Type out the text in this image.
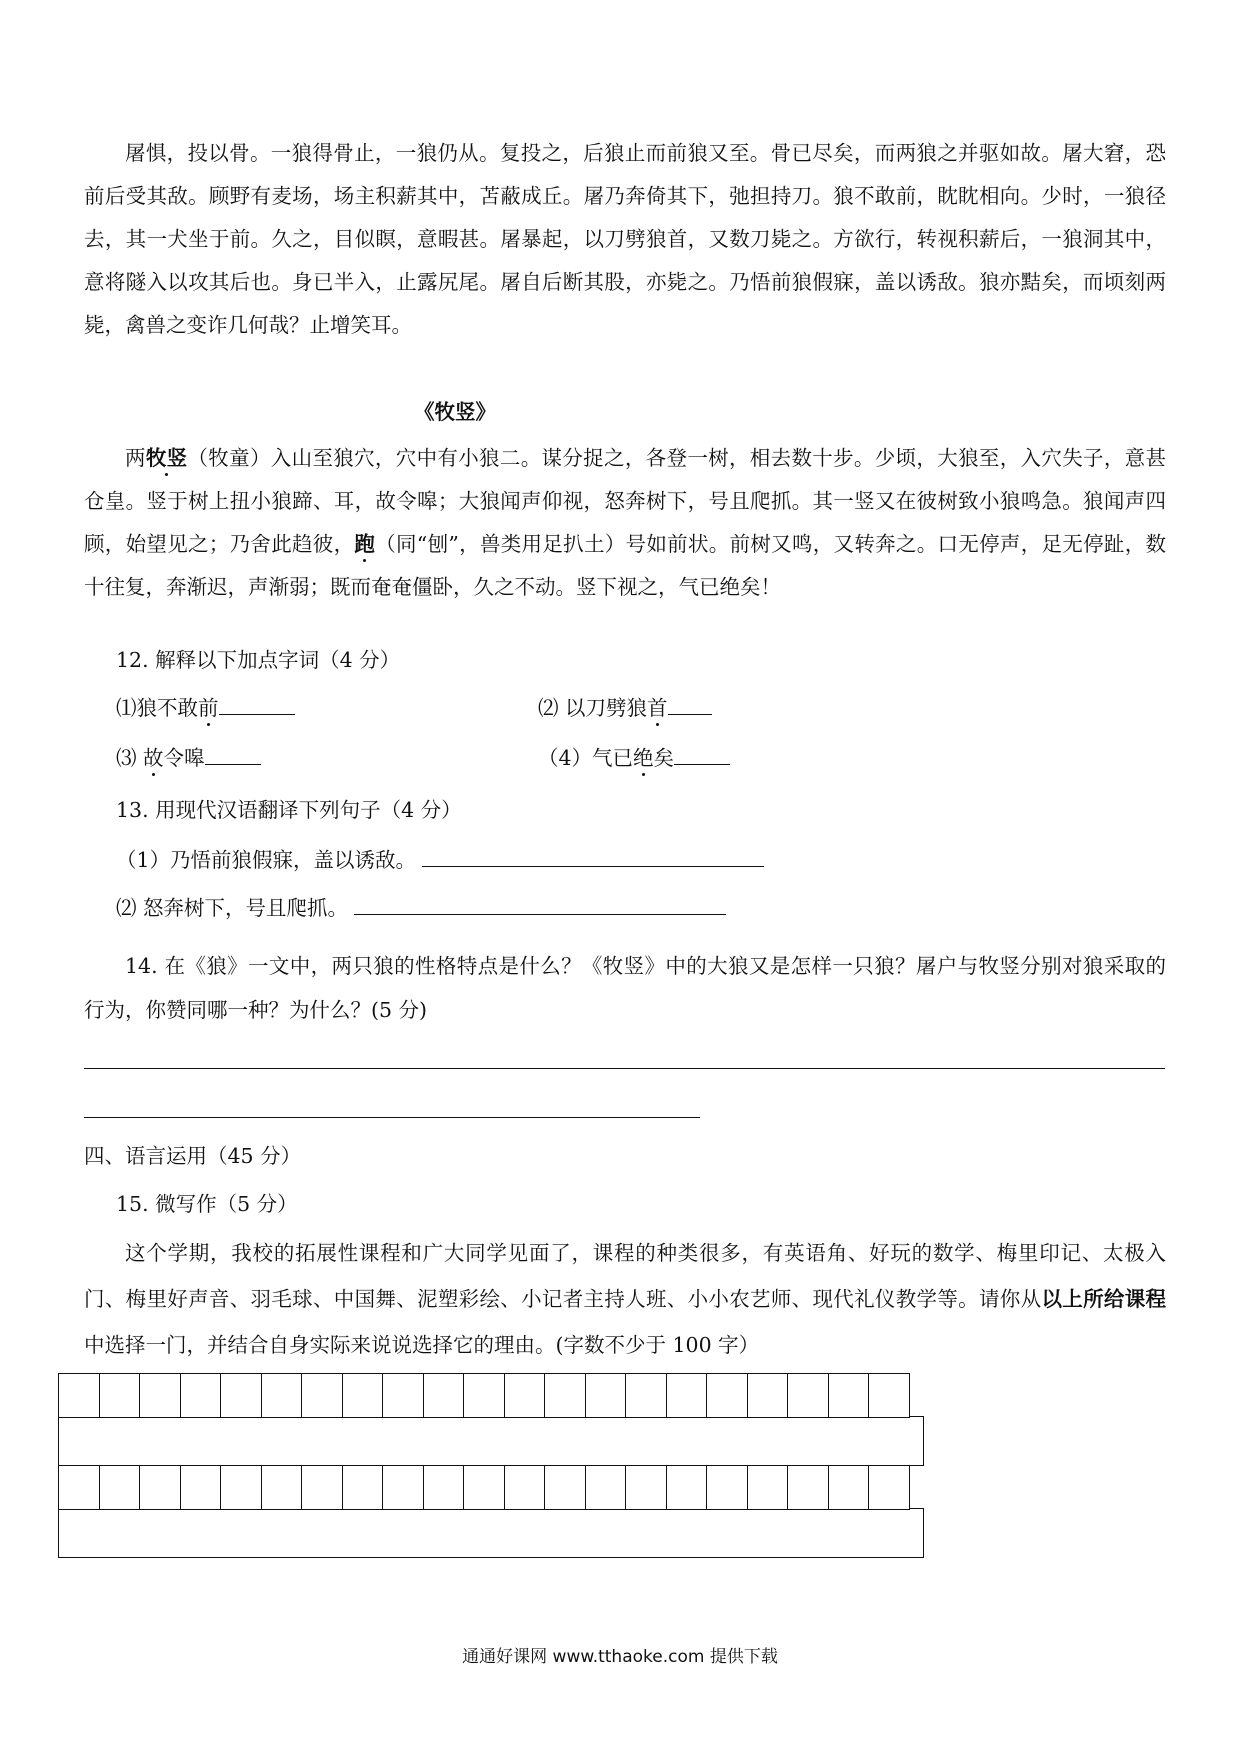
屠惧，投以骨。一狼得骨止，一狼仍从。复投之，后狼止而前狼又至。骨已尽矣，而两狼之并驱如故。屠大窘，恐前后受其敌。顾野有麦场，场主积薪其中，苫蔽成丘。屠乃奔倚其下，弛担持刀。狼不敢前，眈眈相向。少时，一狼径去，其一犬坐于前。久之，目似瞑，意暇甚。屠暴起，以刀劈狼首，又数刀毙之。方欲行，转视积薪后，一狼洞其中，意将隧入以攻其后也。身已半入，止露尻尾。屠自后断其股，亦毙之。乃悟前狼假寐，盖以诱敌。狼亦黠矣，而顷刻两毙，禽兽之变诈几何哉？止增笑耳。

《牧竖》

两牧竖（牧童）入山至狼穴，穴中有小狼二。谋分捉之，各登一树，相去数十步。少顷，大狼至，入穴失子，意甚仓皇。竖于树上扭小狼蹄、耳，故令嗥；大狼闻声仰视，怒奔树下，号且爬抓。其一竖又在彼树致小狼鸣急。狼闻声四顾，始望见之；乃舍此趋彼，跑（同“刨”，兽类用足扒土）号如前状。前树又鸣，又转奔之。口无停声，足无停趾，数十往复，奔渐迟，声渐弱；既而奄奄僵卧，久之不动。竖下视之，气已绝矣！

12. 解释以下加点字词（4 分）
⑴狼不敢前	⑵ 以刀劈狼首
⑶ 故令嗥	（4）气已绝矣
13. 用现代汉语翻译下列句子（4 分）
（1）乃悟前狼假寐，盖以诱敌。
⑵ 怒奔树下，号且爬抓。

14. 在《狼》一文中，两只狼的性格特点是什么？《牧竖》中的大狼又是怎样一只狼？屠户与牧竖分别对狼采取的行为，你赞同哪一种？为什么？(5 分)

四、语言运用（45 分）
15. 微写作（5 分）

这个学期，我校的拓展性课程和广大同学见面了，课程的种类很多，有英语角、好玩的数学、梅里印记、太极入门、梅里好声音、羽毛球、中国舞、泥塑彩绘、小记者主持人班、小小农艺师、现代礼仪教学等。请你从以上所给课程中选择一门，并结合自身实际来说说选择它的理由。(字数不少于 100 字）

通通好课网 www.tthaoke.com 提供下载
